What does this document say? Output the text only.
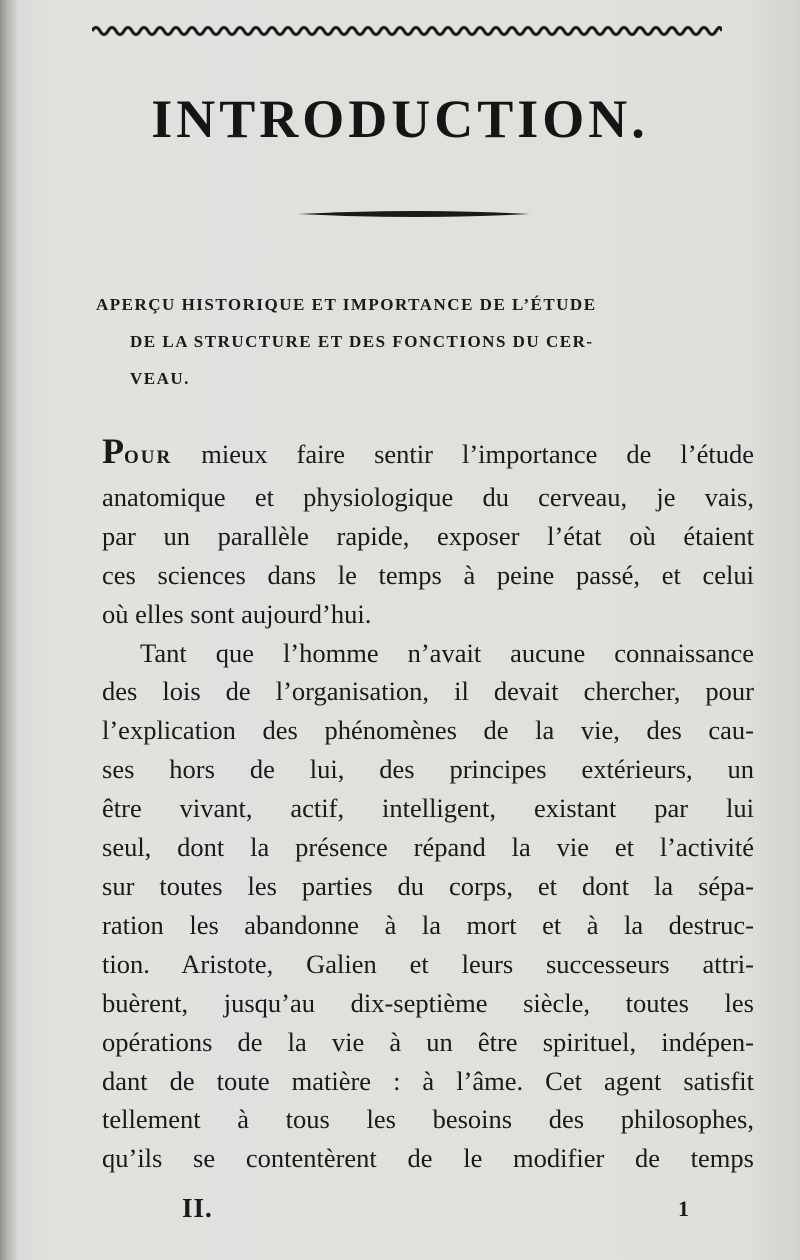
INTRODUCTION.
APERÇU HISTORIQUE ET IMPORTANCE DE L’ÉTUDE
DE LA STRUCTURE ET DES FONCTIONS DU CER-
VEAU.
POUR mieux faire sentir l’importance de l’étude
anatomique et physiologique du cerveau, je vais,
par un parallèle rapide, exposer l’état où étaient
ces sciences dans le temps à peine passé, et celui
où elles sont aujourd’hui.
Tant que l’homme n’avait aucune connaissance
des lois de l’organisation, il devait chercher, pour
l’explication des phénomènes de la vie, des cau-
ses hors de lui, des principes extérieurs, un
être vivant, actif, intelligent, existant par lui
seul, dont la présence répand la vie et l’activité
sur toutes les parties du corps, et dont la sépa-
ration les abandonne à la mort et à la destruc-
tion. Aristote, Galien et leurs successeurs attri-
buèrent, jusqu’au dix-septième siècle, toutes les
opérations de la vie à un être spirituel, indépen-
dant de toute matière : à l’âme. Cet agent satisfit
tellement à tous les besoins des philosophes,
qu’ils se contentèrent de le modifier de temps
II.	1
